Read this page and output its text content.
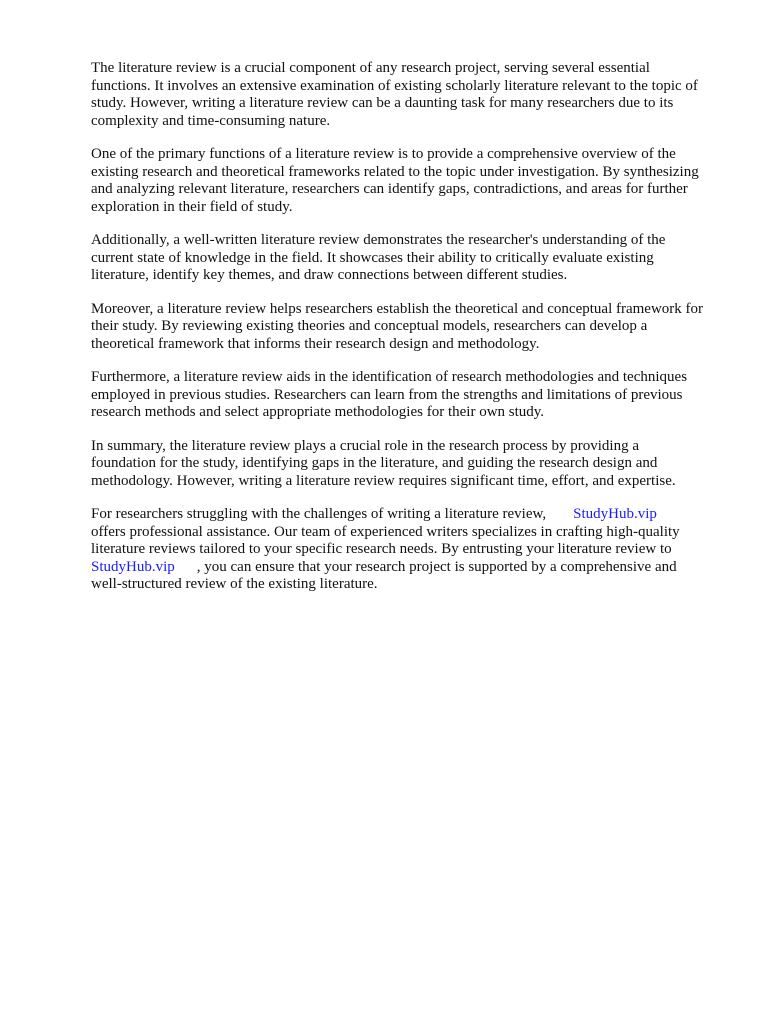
The literature review is a crucial component of any research project, serving several essential
functions. It involves an extensive examination of existing scholarly literature relevant to the topic of
study. However, writing a literature review can be a daunting task for many researchers due to its
complexity and time-consuming nature.

One of the primary functions of a literature review is to provide a comprehensive overview of the
existing research and theoretical frameworks related to the topic under investigation. By synthesizing
and analyzing relevant literature, researchers can identify gaps, contradictions, and areas for further
exploration in their field of study.

Additionally, a well-written literature review demonstrates the researcher's understanding of the
current state of knowledge in the field. It showcases their ability to critically evaluate existing
literature, identify key themes, and draw connections between different studies.

Moreover, a literature review helps researchers establish the theoretical and conceptual framework for
their study. By reviewing existing theories and conceptual models, researchers can develop a
theoretical framework that informs their research design and methodology.

Furthermore, a literature review aids in the identification of research methodologies and techniques
employed in previous studies. Researchers can learn from the strengths and limitations of previous
research methods and select appropriate methodologies for their own study.

In summary, the literature review plays a crucial role in the research process by providing a
foundation for the study, identifying gaps in the literature, and guiding the research design and
methodology. However, writing a literature review requires significant time, effort, and expertise.

For researchers struggling with the challenges of writing a literature review, StudyHub.vip
offers professional assistance. Our team of experienced writers specializes in crafting high-quality
literature reviews tailored to your specific research needs. By entrusting your literature review to
StudyHub.vip , you can ensure that your research project is supported by a comprehensive and
well-structured review of the existing literature.
